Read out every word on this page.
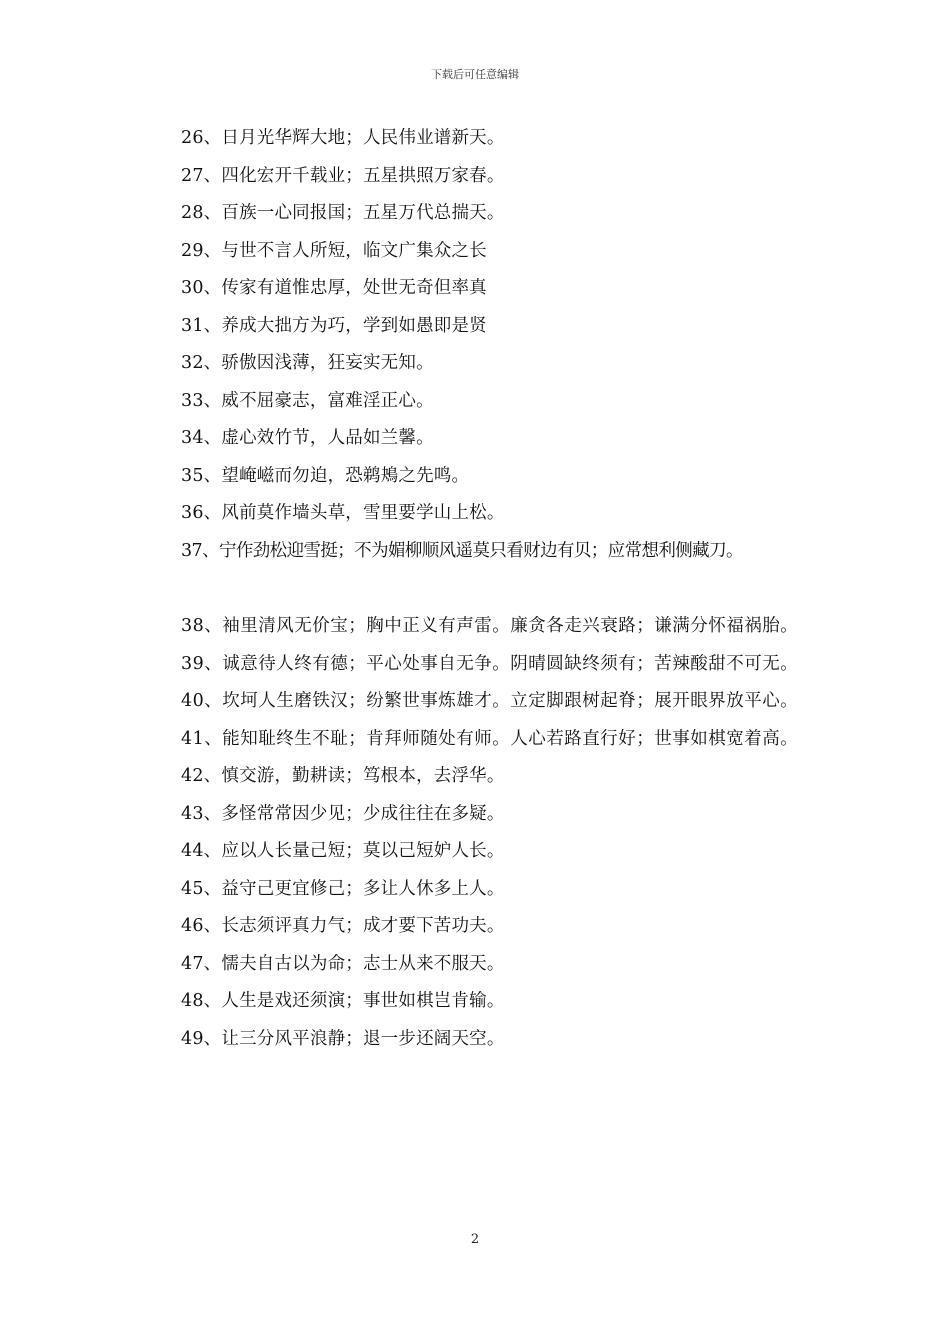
下载后可任意编辑
26、日月光华辉大地；人民伟业谱新天。
27、四化宏开千载业；五星拱照万家春。
28、百族一心同报国；五星万代总揣天。
29、与世不言人所短，临文广集众之长
30、传家有道惟忠厚，处世无奇但率真
31、养成大拙方为巧，学到如愚即是贤
32、骄傲因浅薄，狂妄实无知。
33、威不屈豪志，富难淫正心。
34、虚心效竹节，人品如兰馨。
35、望崦嵫而勿迫，恐鹈鴂之先鸣。
36、风前莫作墙头草，雪里要学山上松。
37、宁作劲松迎雪挺；不为媚柳顺风遥莫只看财边有贝；应常想利侧藏刀。
38、袖里清风无价宝；胸中正义有声雷。廉贪各走兴衰路；谦满分怀福祸胎。
39、诚意待人终有德；平心处事自无争。阴晴圆缺终须有；苦辣酸甜不可无。
40、坎坷人生磨铁汉；纷繁世事炼雄才。立定脚跟树起脊；展开眼界放平心。
41、能知耻终生不耻；肯拜师随处有师。人心若路直行好；世事如棋宽着高。
42、慎交游，勤耕读；笃根本，去浮华。
43、多怪常常因少见；少成往往在多疑。
44、应以人长量己短；莫以己短妒人长。
45、益守己更宜修己；多让人休多上人。
46、长志须评真力气；成才要下苦功夫。
47、懦夫自古以为命；志士从来不服天。
48、人生是戏还须演；事世如棋岂肯输。
49、让三分风平浪静；退一步还阔天空。
2
